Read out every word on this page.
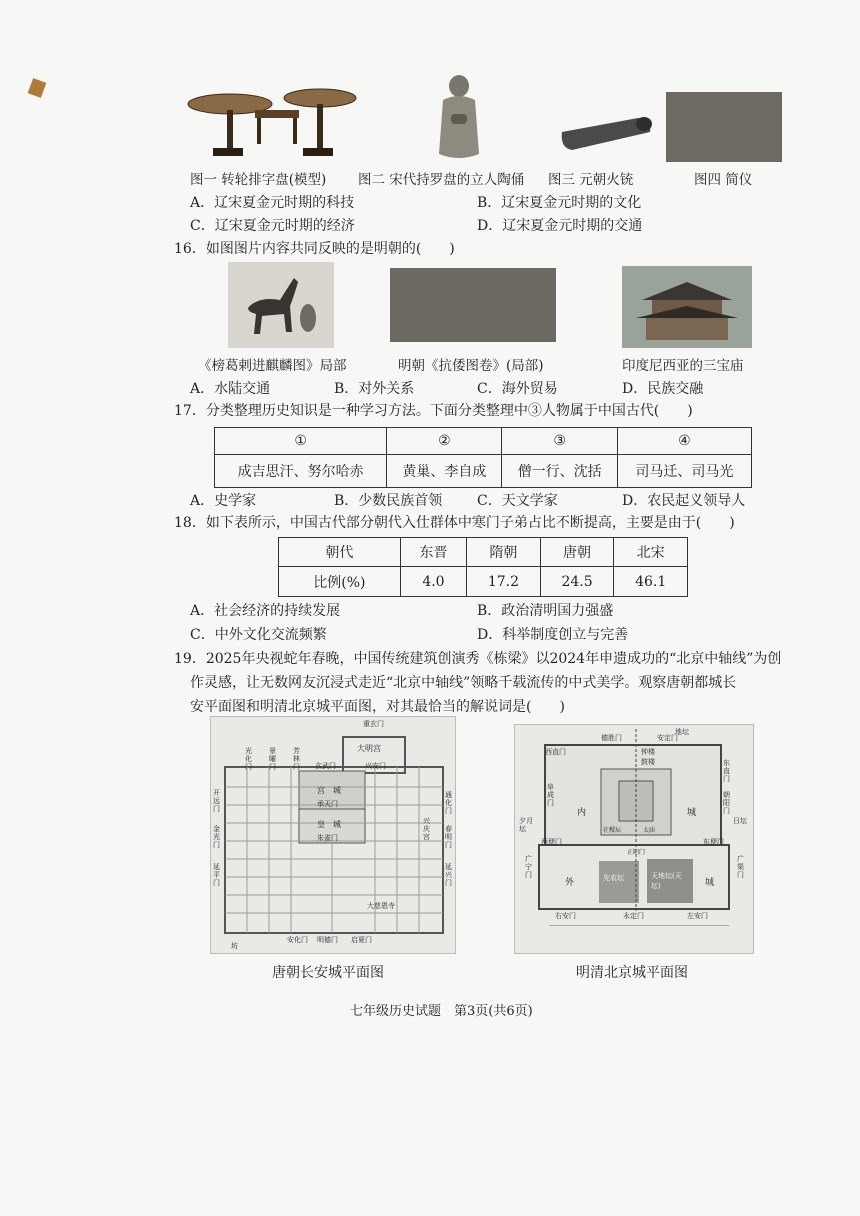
图一 转轮排字盘(模型) 图二 宋代持罗盘的立人陶俑 图三 元朝火铳	图四 简仪
A．辽宋夏金元时期的科技	B．辽宋夏金元时期的文化
C．辽宋夏金元时期的经济	D．辽宋夏金元时期的交通
16．如图图片内容共同反映的是明朝的(　　)
《榜葛剌进麒麟图》局部	明朝《抗倭图卷》(局部)	印度尼西亚的三宝庙
A．水陆交通	B．对外关系	C．海外贸易	D．民族交融
17．分类整理历史知识是一种学习方法。下面分类整理中③人物属于中国古代(　　)
①	②	③	④
成吉思汗、努尔哈赤	黄巢、李自成	僧一行、沈括	司马迁、司马光
A．史学家	B．少数民族首领 C．天文学家	D．农民起义领导人
18．如下表所示，中国古代部分朝代入仕群体中寒门子弟占比不断提高，主要是由于(　　)
朝代	东晋	隋朝	唐朝	北宋
比例(%)	4.0	17.2	24.5	46.1
A．社会经济的持续发展	B．政治清明国力强盛
C．中外文化交流频繁	D．科举制度创立与完善
19．2025年央视蛇年春晚，中国传统建筑创演秀《栋梁》以2024年申遗成功的“北京中轴线”为创
作灵感，让无数网友沉浸式走近“北京中轴线”领略千载流传的中式美学。观察唐朝都城长
安平面图和明清北京城平面图，对其最恰当的解说词是(　　)
重玄门
大明宫
光化门
景曜门
芳林门 玄武门	兴安门
宫　城
承天门
皇　城
朱雀门
开远门
金光门
延平门
通化门
春明门
兴庆宫
延兴门
大慈恩寺
安化门 明德门 启夏门
坊
德胜门	安定门
地坛
钟楼
鼓楼
西直门
东直门
阜成门
朝阳门
内	城
夕月坛
日坛
社稷坛	太庙
西便门	东便门
正阳门
外	城
广宁门
广渠门
先农坛	天地坛(天坛)
右安门	永定门	左安门
唐朝长安城平面图	明清北京城平面图
七年级历史试题　第3页(共6页)
